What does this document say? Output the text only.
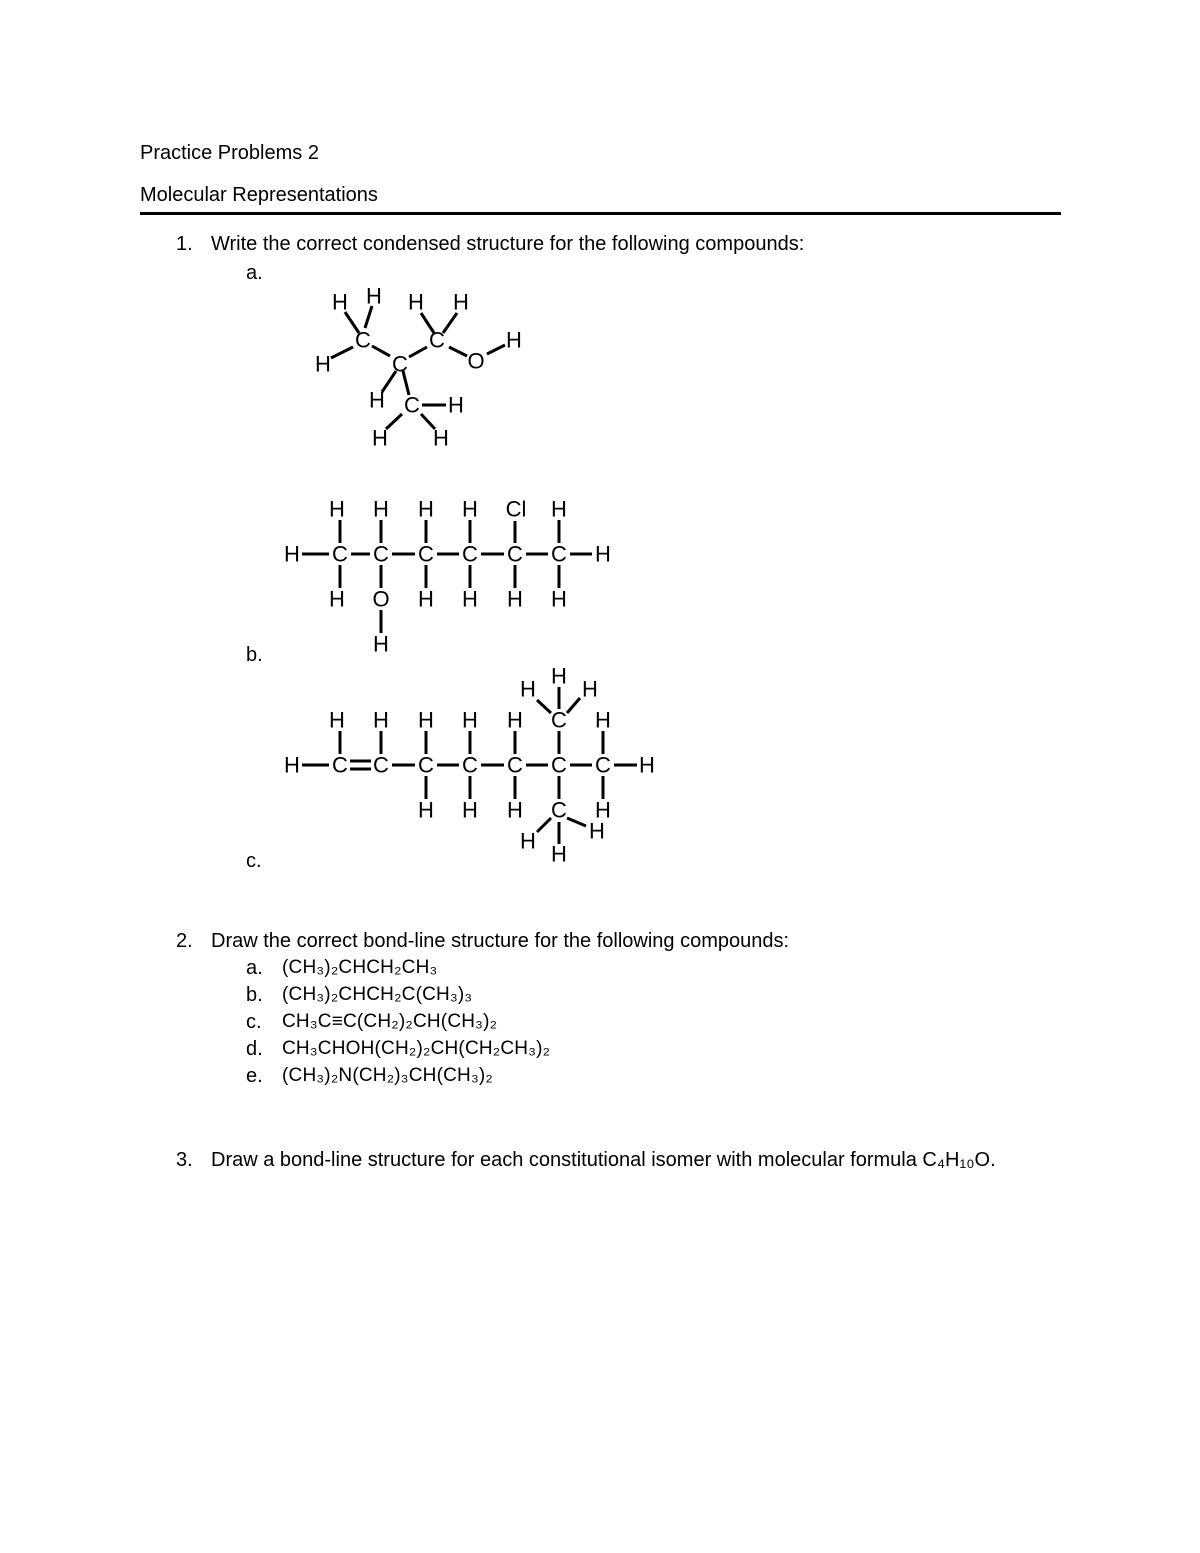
Practice Problems 2
Molecular Representations
1. Write the correct condensed structure for the following compounds:
a.
b.
c.
H H H H
C	C	H
H	C	O
H C H
H H
H H H H Cl H
H C C C C C C H
H O H H H H
H
H
H H
H H H H H C H
H C C C C C C C H
H H H C H
H
H
H
2. Draw the correct bond-line structure for the following compounds:
a. (CH₃)₂CHCH₂CH₃
b. (CH₃)₂CHCH₂C(CH₃)₃
c. CH₃C≡C(CH₂)₂CH(CH₃)₂
d. CH₃CHOH(CH₂)₂CH(CH₂CH₃)₂
e. (CH₃)₂N(CH₂)₃CH(CH₃)₂
3. Draw a bond-line structure for each constitutional isomer with molecular formula C₄H₁₀O.
